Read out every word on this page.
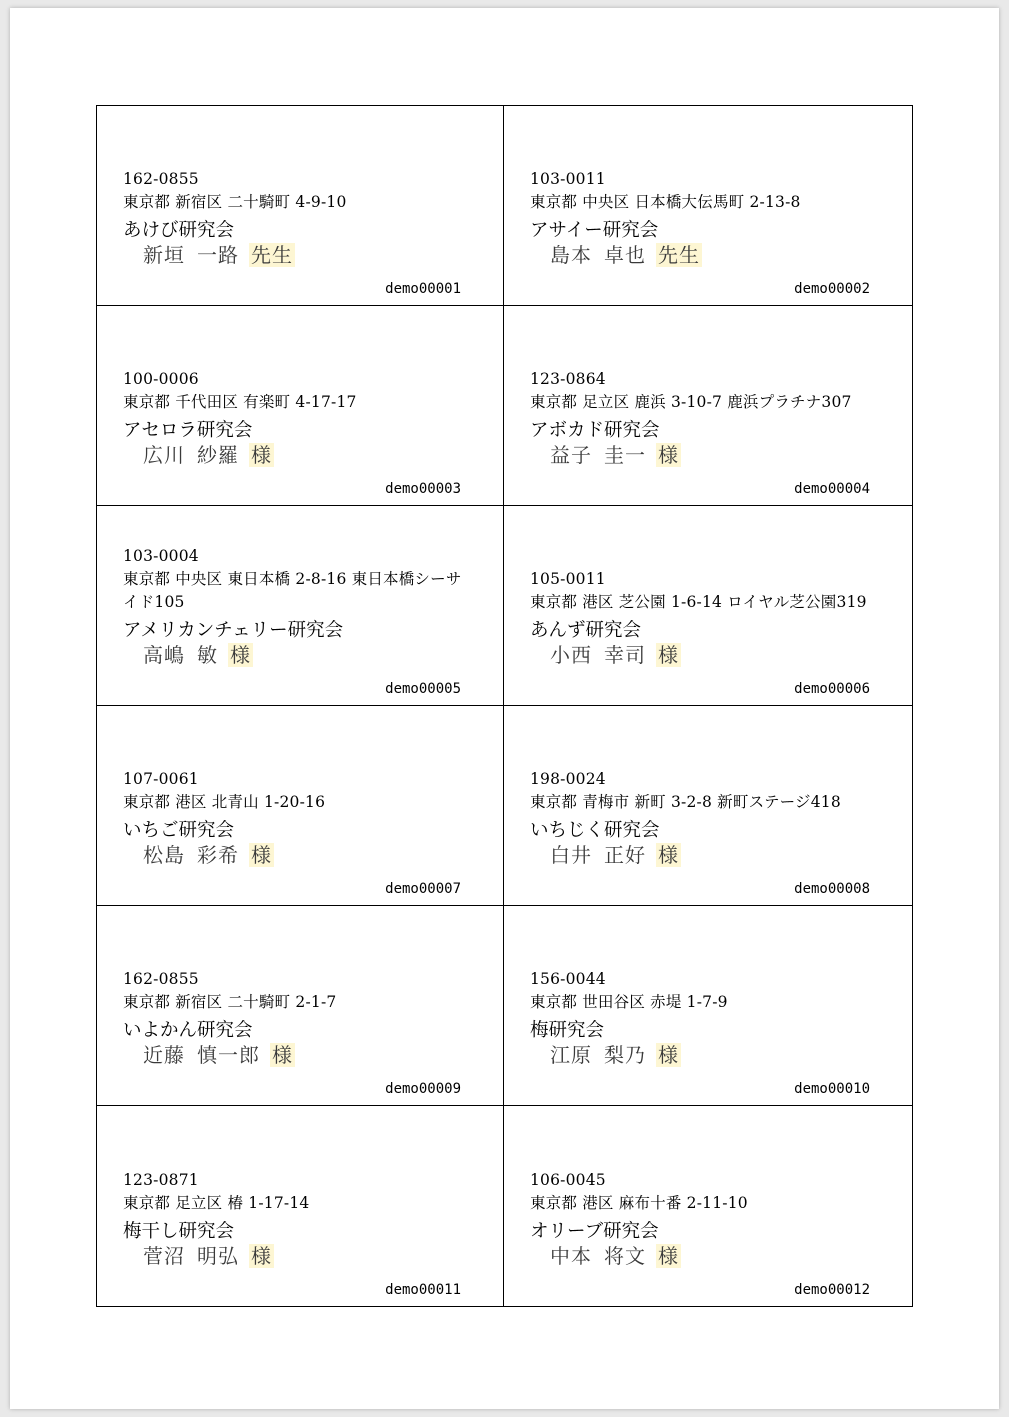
162-0855
東京都 新宿区 二十騎町 4-9-10
あけび研究会
新垣 一路 先生
demo00001
103-0011
東京都 中央区 日本橋大伝馬町 2-13-8
アサイー研究会
島本 卓也 先生
demo00002
100-0006
東京都 千代田区 有楽町 4-17-17
アセロラ研究会
広川 紗羅 様
demo00003
123-0864
東京都 足立区 鹿浜 3-10-7 鹿浜プラチナ307
アボカド研究会
益子 圭一 様
demo00004
103-0004
東京都 中央区 東日本橋 2-8-16 東日本橋シーサイド105
アメリカンチェリー研究会
高嶋 敏 様
demo00005
105-0011
東京都 港区 芝公園 1-6-14 ロイヤル芝公園319
あんず研究会
小西 幸司 様
demo00006
107-0061
東京都 港区 北青山 1-20-16
いちご研究会
松島 彩希 様
demo00007
198-0024
東京都 青梅市 新町 3-2-8 新町ステージ418
いちじく研究会
白井 正好 様
demo00008
162-0855
東京都 新宿区 二十騎町 2-1-7
いよかん研究会
近藤 慎一郎 様
demo00009
156-0044
東京都 世田谷区 赤堤 1-7-9
梅研究会
江原 梨乃 様
demo00010
123-0871
東京都 足立区 椿 1-17-14
梅干し研究会
菅沼 明弘 様
demo00011
106-0045
東京都 港区 麻布十番 2-11-10
オリーブ研究会
中本 将文 様
demo00012
